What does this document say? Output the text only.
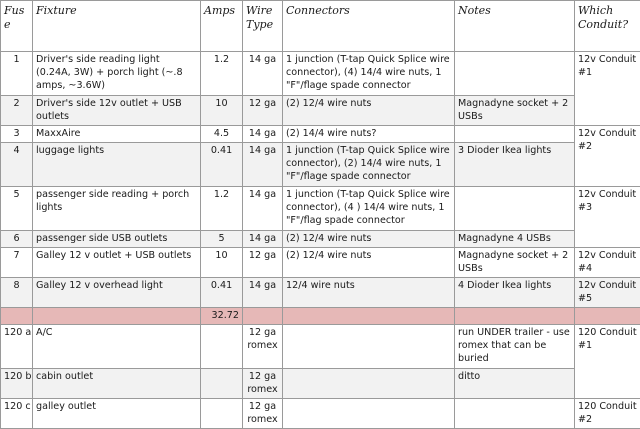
Fuse	Fixture	Amps	Wire Type	Connectors	Notes	Which Conduit?
1	Driver's side reading light (0.24A, 3W) + porch light (~.8 amps, ~3.6W)	1.2	14 ga	1 junction (T-tap Quick Splice wire connector), (4) 14/4 wire nuts, 1 "F"/flage spade connector		12v Conduit #1
2	Driver's side 12v outlet + USB outlets	10	12 ga	(2) 12/4 wire nuts	Magnadyne socket + 2 USBs	
3	MaxxAire	4.5	14 ga	(2) 14/4 wire nuts?		12v Conduit #2
4	luggage lights	0.41	14 ga	1 junction (T-tap Quick Splice wire connector), (2) 14/4 wire nuts, 1 "F"/flage spade connector	3 Dioder Ikea lights	
5	passenger side reading + porch lights	1.2	14 ga	1 junction (T-tap Quick Splice wire connector), (4 ) 14/4 wire nuts, 1 "F"/flag spade connector		12v Conduit #3
6	passenger side USB outlets	5	14 ga	(2) 12/4 wire nuts	Magnadyne 4 USBs	
7	Galley 12 v outlet + USB outlets	10	12 ga	(2) 12/4 wire nuts	Magnadyne socket + 2 USBs	12v Conduit #4
8	Galley 12 v overhead light	0.41	14 ga	12/4 wire nuts	4 Dioder Ikea lights	12v Conduit #5
		32.72				
120 a	A/C		12 ga romex		run UNDER trailer - use romex that can be buried	120 Conduit #1
120 b	cabin outlet		12 ga romex		ditto	
120 c	galley outlet		12 ga romex			120 Conduit #2
